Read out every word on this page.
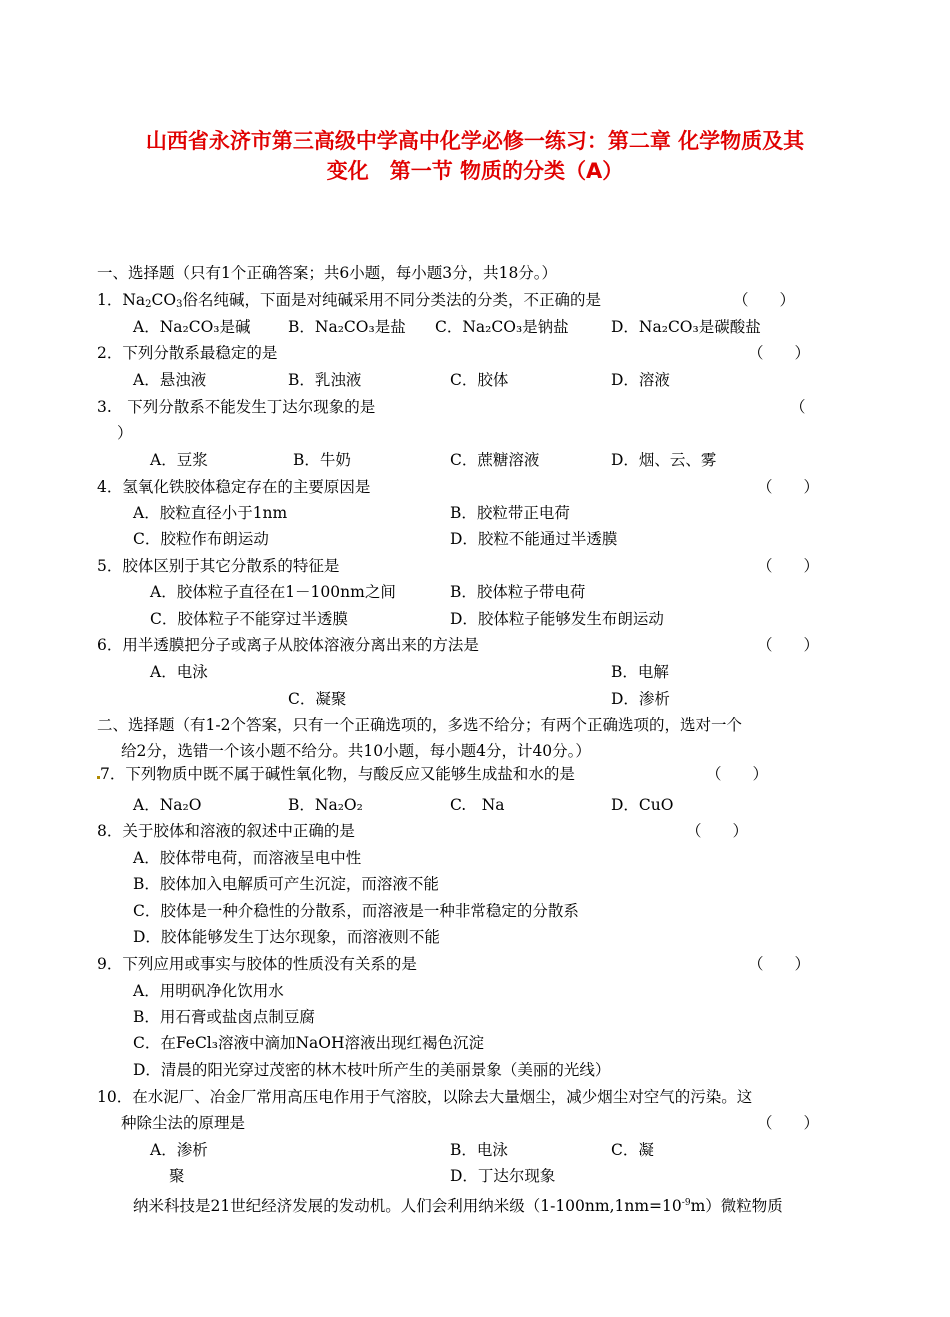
山西省永济市第三高级中学高中化学必修一练习：第二章 化学物质及其
变化　第一节 物质的分类（A）
一、选择题（只有1个正确答案；共6小题，每小题3分，共18分。）
1．$Na_2CO_3$俗名纯碱，下面是对纯碱采用不同分类法的分类，不正确的是	（　　）
A．Na₂CO₃是碱 B．Na₂CO₃是盐 C．Na₂CO₃是钠盐	D．Na₂CO₃是碳酸盐
2．下列分散系最稳定的是	（　　）
A．悬浊液	B．乳浊液	C．胶体	D．溶液
3.　下列分散系不能发生丁达尔现象的是	（
）
A．豆浆	B．牛奶	C．蔗糖溶液	D．烟、云、雾
4．氢氧化铁胶体稳定存在的主要原因是	（　　）
A．胶粒直径小于1nm	B．胶粒带正电荷
C．胶粒作布朗运动	D．胶粒不能通过半透膜
5．胶体区别于其它分散系的特征是	（　　）
A．胶体粒子直径在1－100nm之间	B．胶体粒子带电荷
C．胶体粒子不能穿过半透膜	D．胶体粒子能够发生布朗运动
6．用半透膜把分子或离子从胶体溶液分离出来的方法是	（　　）
A．电泳	B．电解
C．凝聚	D．渗析
二、选择题（有1-2个答案，只有一个正确选项的，多选不给分；有两个正确选项的，选对一个
给2分，选错一个该小题不给分。共10小题，每小题4分，计40分。）
7．下列物质中既不属于碱性氧化物，与酸反应又能够生成盐和水的是	（　　）
A．Na₂O	B．Na₂O₂	C.　Na	D．CuO
8．关于胶体和溶液的叙述中正确的是	（　　）
A．胶体带电荷，而溶液呈电中性
B．胶体加入电解质可产生沉淀，而溶液不能
C．胶体是一种介稳性的分散系，而溶液是一种非常稳定的分散系
D．胶体能够发生丁达尔现象，而溶液则不能
9．下列应用或事实与胶体的性质没有关系的是	（　　）
A．用明矾净化饮用水
B．用石膏或盐卤点制豆腐
C．在FeCl₃溶液中滴加NaOH溶液出现红褐色沉淀
D．清晨的阳光穿过茂密的林木枝叶所产生的美丽景象（美丽的光线）
10．在水泥厂、冶金厂常用高压电作用于气溶胶，以除去大量烟尘，减少烟尘对空气的污染。这
种除尘法的原理是	（　　）
A．渗析	B．电泳	C．凝
聚	D．丁达尔现象
纳米科技是21世纪经济发展的发动机。人们会利用纳米级$(1-100nm,1nm=10^{-9}m)$微粒物质
